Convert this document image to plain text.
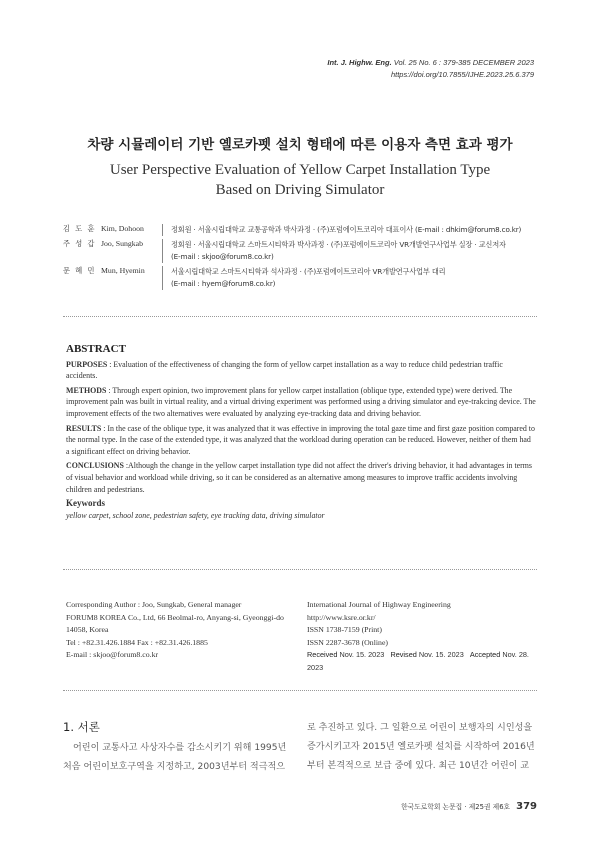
Int. J. Highw. Eng. Vol. 25 No. 6 : 379-385 DECEMBER 2023
https://doi.org/10.7855/IJHE.2023.25.6.379
차량 시뮬레이터 기반 옐로카펫 설치 형태에 따른 이용자 측면 효과 평가
User Perspective Evaluation of Yellow Carpet Installation Type Based on Driving Simulator
김 도 훈 Kim, Dohoon	정회원 · 서울시립대학교 교통공학과 박사과정 · (주)포럼에이트코리아 대표이사 (E-mail : dhkim@forum8.co.kr)
주 성 갑 Joo, Sungkab	정회원 · 서울시립대학교 스마트시티학과 박사과정 · (주)포럼에이트코리아 VR개발연구사업부 실장 · 교신저자
(E-mail : skjoo@forum8.co.kr)
문 혜 민 Mun, Hyemin	서울시립대학교 스마트시티학과 석사과정 · (주)포럼에이트코리아 VR개발연구사업부 대리
(E-mail : hyem@forum8.co.kr)
ABSTRACT
PURPOSES : Evaluation of the effectiveness of changing the form of yellow carpet installation as a way to reduce child pedestrian traffic accidents.
METHODS : Through expert opinion, two improvement plans for yellow carpet installation (oblique type, extended type) were derived. The improvement paln was built in virtual reality, and a virtual driving experiment was performed using a driving simulator and eye-trakcing device. The improvement effects of the two alternatives were evaluated by analyzing eye-tracking data and driving behavior.
RESULTS : In the case of the oblique type, it was analyzed that it was effective in improving the total gaze time and first gaze position compared to the normal type. In the case of the extended type, it was analyzed that the workload during operation can be reduced. However, neither of them had a significant effect on driving behavior.
CONCLUSIONS :Although the change in the yellow carpet installation type did not affect the driver's driving behavior, it had advantages in terms of visual behavior and workload while driving, so it can be considered as an alternative among measures to improve traffic accidents involving children and pedestrians.
Keywords
yellow carpet, school zone, pedestrian safety, eye tracking data, driving simulator
Corresponding Author : Joo, Sungkab, General manager
FORUM8 KOREA Co., Ltd, 66 Beolmal-ro, Anyang-si, Gyeonggi-do
14058, Korea
Tel : +82.31.426.1884 Fax : +82.31.426.1885
E-mail : skjoo@forum8.co.kr
International Journal of Highway Engineering
http://www.ksre.or.kr/
ISSN 1738-7159 (Print)
ISSN 2287-3678 (Online)
Received Nov. 15. 2023 Revised Nov. 15. 2023 Accepted Nov. 28. 2023
1. 서론
어린이 교통사고 사상자수를 감소시키기 위해 1995년
처음 어린이보호구역을 지정하고, 2003년부터 적극적으
로 추진하고 있다. 그 일환으로 어린이 보행자의 시인성을
증가시키고자 2015년 옐로카펫 설치를 시작하여 2016년
부터 본격적으로 보급 중에 있다. 최근 10년간 어린이 교
한국도로학회 논문집 · 제25권 제6호 379
